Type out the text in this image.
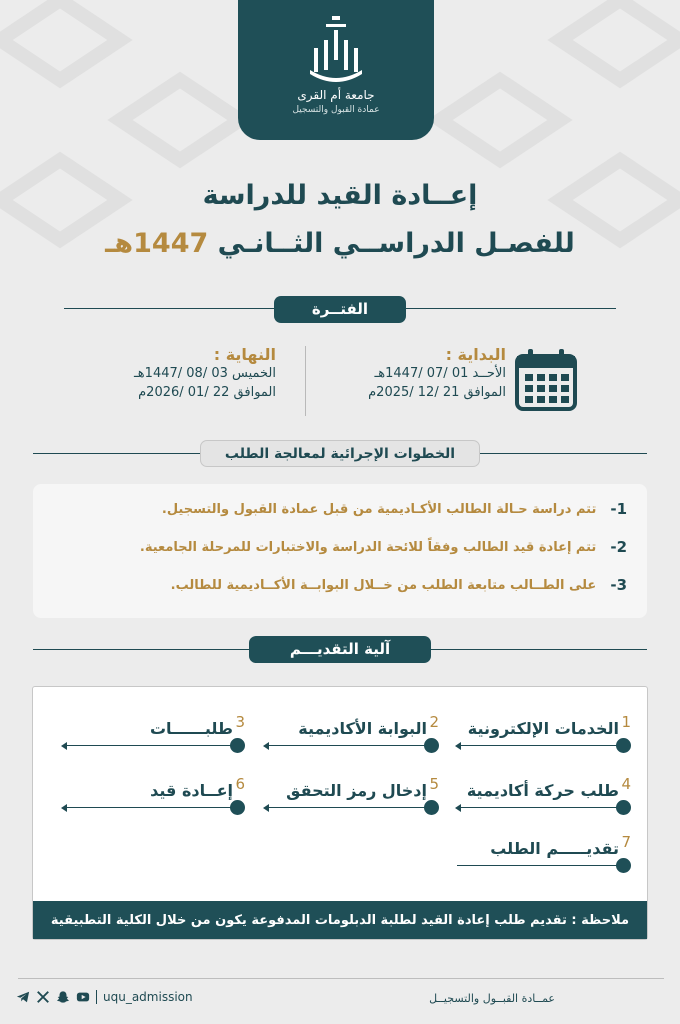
جامعة أم القرى
عمادة القبول والتسجيل
إعــادة القيد للدراسة
للفصـل الدراســي الثــانـي 1447هـ
الفتــرة
البداية :
الأحــد 01 /07 /1447هـ
الموافق 21 /12 /2025م
النهاية :
الخميس 03 /08 /1447هـ
الموافق 22 /01 /2026م
الخطوات الإجرائية لمعالجة الطلب
1-
تتم دراسة حـالة الطالب الأكـاديمية من قبل عمادة القبول والتسجيل.
2-
تتم إعادة قيد الطالب وفقاً للائحة الدراسة والاختبارات للمرحلة الجامعية.
3-
على الطــالب متابعة الطلب من خــلال البوابــة الأكــاديمية للطالب.
آلية التقديـــم
1
الخدمات الإلكترونية
2
البوابة الأكاديمية
3
طلبــــــات
4
طلب حركة أكاديمية
5
إدخال رمز التحقق
6
إعــادة قيد
7
تقديـــــم الطلب
ملاحظة : تقديم طلب إعادة القيد لطلبة الدبلومات المدفوعة يكون من خلال الكلية التطبيقية
عمــادة القبــول والتسجيــل
uqu_admission
